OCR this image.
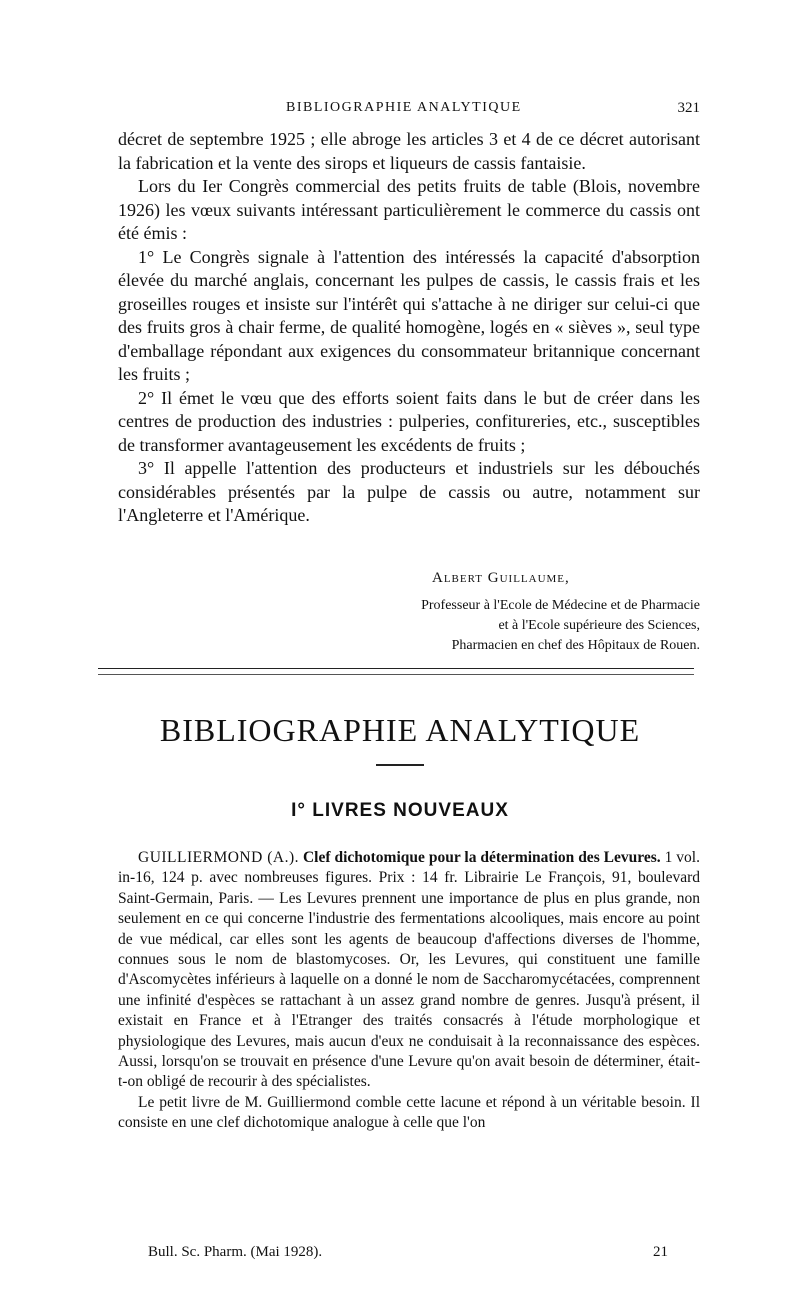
BIBLIOGRAPHIE ANALYTIQUE	321

décret de septembre 1925 ; elle abroge les articles 3 et 4 de ce décret autorisant la fabrication et la vente des sirops et liqueurs de cassis fantaisie.

Lors du Ier Congrès commercial des petits fruits de table (Blois, novembre 1926) les vœux suivants intéressant particulièrement le commerce du cassis ont été émis :

1° Le Congrès signale à l'attention des intéressés la capacité d'absorption élevée du marché anglais, concernant les pulpes de cassis, le cassis frais et les groseilles rouges et insiste sur l'intérêt qui s'attache à ne diriger sur celui-ci que des fruits gros à chair ferme, de qualité homogène, logés en « sièves », seul type d'emballage répondant aux exigences du consommateur britannique concernant les fruits ;

2° Il émet le vœu que des efforts soient faits dans le but de créer dans les centres de production des industries : pulperies, confitureries, etc., susceptibles de transformer avantageusement les excédents de fruits ;

3° Il appelle l'attention des producteurs et industriels sur les débouchés considérables présentés par la pulpe de cassis ou autre, notamment sur l'Angleterre et l'Amérique.

Albert Guillaume,
Professeur à l'Ecole de Médecine et de Pharmacie
et à l'Ecole supérieure des Sciences,
Pharmacien en chef des Hôpitaux de Rouen.
BIBLIOGRAPHIE ANALYTIQUE
I° LIVRES NOUVEAUX

GUILLIERMOND (A.). Clef dichotomique pour la détermination des Levures. 1 vol. in-16, 124 p. avec nombreuses figures. Prix : 14 fr. Librairie Le François, 91, boulevard Saint-Germain, Paris. — Les Levures prennent une importance de plus en plus grande, non seulement en ce qui concerne l'industrie des fermentations alcooliques, mais encore au point de vue médical, car elles sont les agents de beaucoup d'affections diverses de l'homme, connues sous le nom de blastomycoses. Or, les Levures, qui constituent une famille d'Ascomycètes inférieurs à laquelle on a donné le nom de Saccharomycétacées, comprennent une infinité d'espèces se rattachant à un assez grand nombre de genres. Jusqu'à présent, il existait en France et à l'Etranger des traités consacrés à l'étude morphologique et physiologique des Levures, mais aucun d'eux ne conduisait à la reconnaissance des espèces. Aussi, lorsqu'on se trouvait en présence d'une Levure qu'on avait besoin de déterminer, était-t-on obligé de recourir à des spécialistes.

Le petit livre de M. Guilliermond comble cette lacune et répond à un véritable besoin. Il consiste en une clef dichotomique analogue à celle que l'on

Bull. Sc. Pharm. (Mai 1928).	21
